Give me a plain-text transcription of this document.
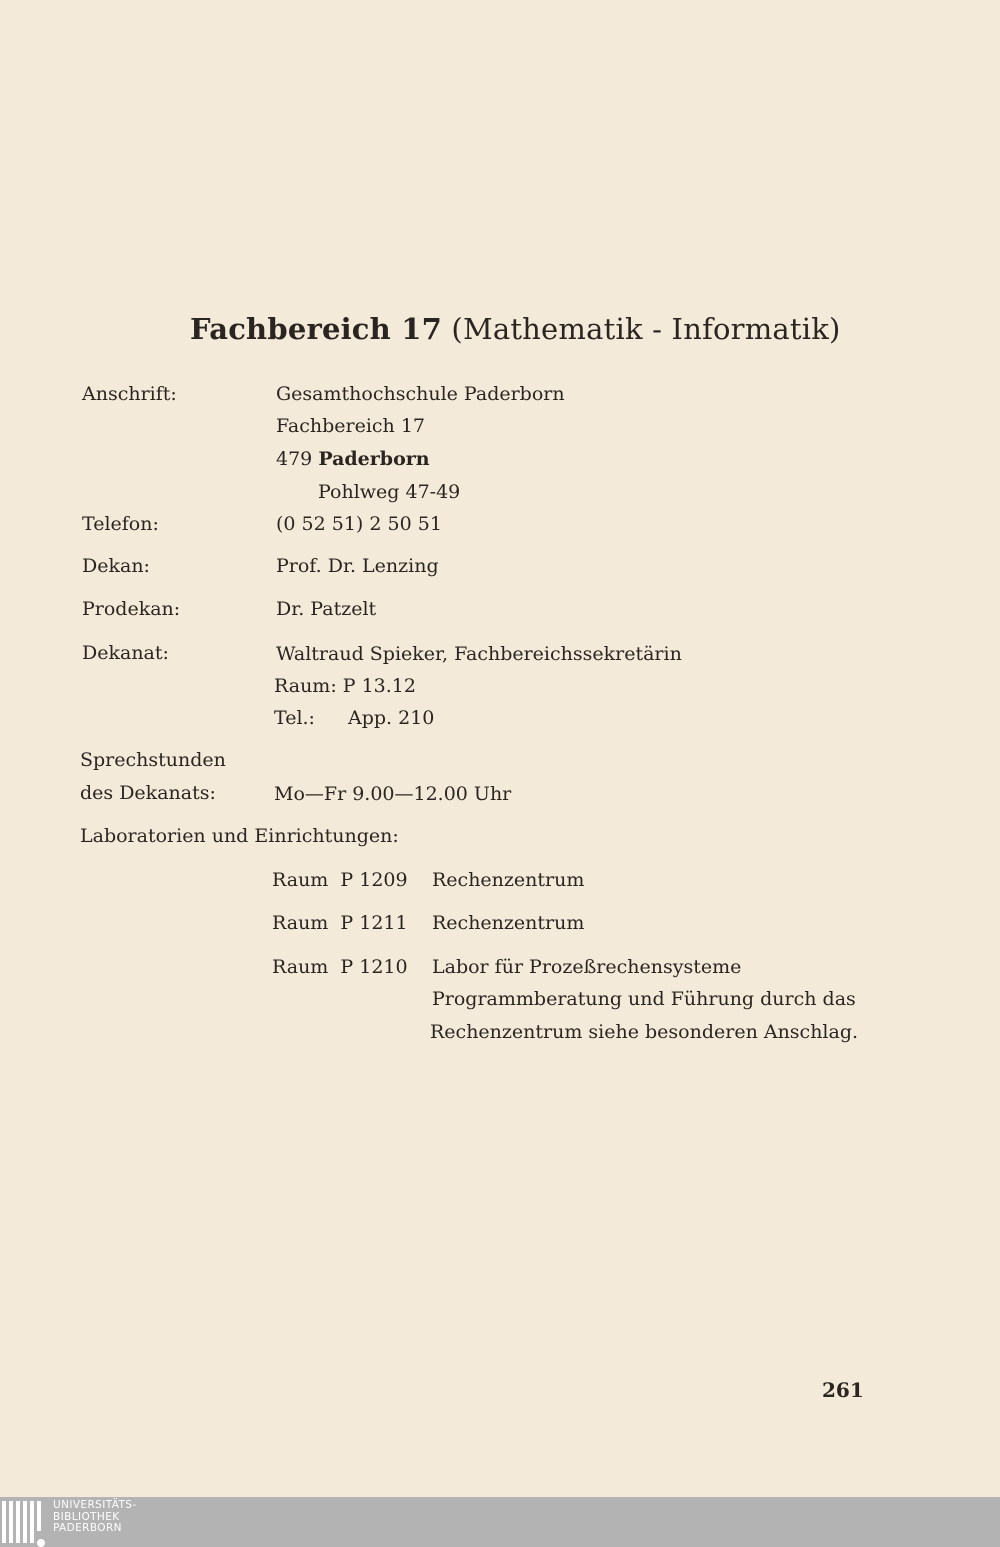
Fachbereich 17 (Mathematik - Informatik)
Anschrift:	Gesamthochschule Paderborn
Fachbereich 17
479 Paderborn
Pohlweg 47-49
Telefon:	(0 52 51) 2 50 51
Dekan:	Prof. Dr. Lenzing
Prodekan:	Dr. Patzelt
Dekanat:	Waltraud Spieker, Fachbereichssekretärin
Raum: P 13.12
Tel.: App. 210
Sprechstunden
des Dekanats:	Mo—Fr 9.00—12.00 Uhr
Laboratorien und Einrichtungen:
Raum  P 1209 Rechenzentrum
Raum  P 1211 Rechenzentrum
Raum  P 1210 Labor für Prozeßrechensysteme
Programmberatung und Führung durch das
Rechenzentrum siehe besonderen Anschlag.
261
UNIVERSITÄTS-
BIBLIOTHEK
PADERBORN
